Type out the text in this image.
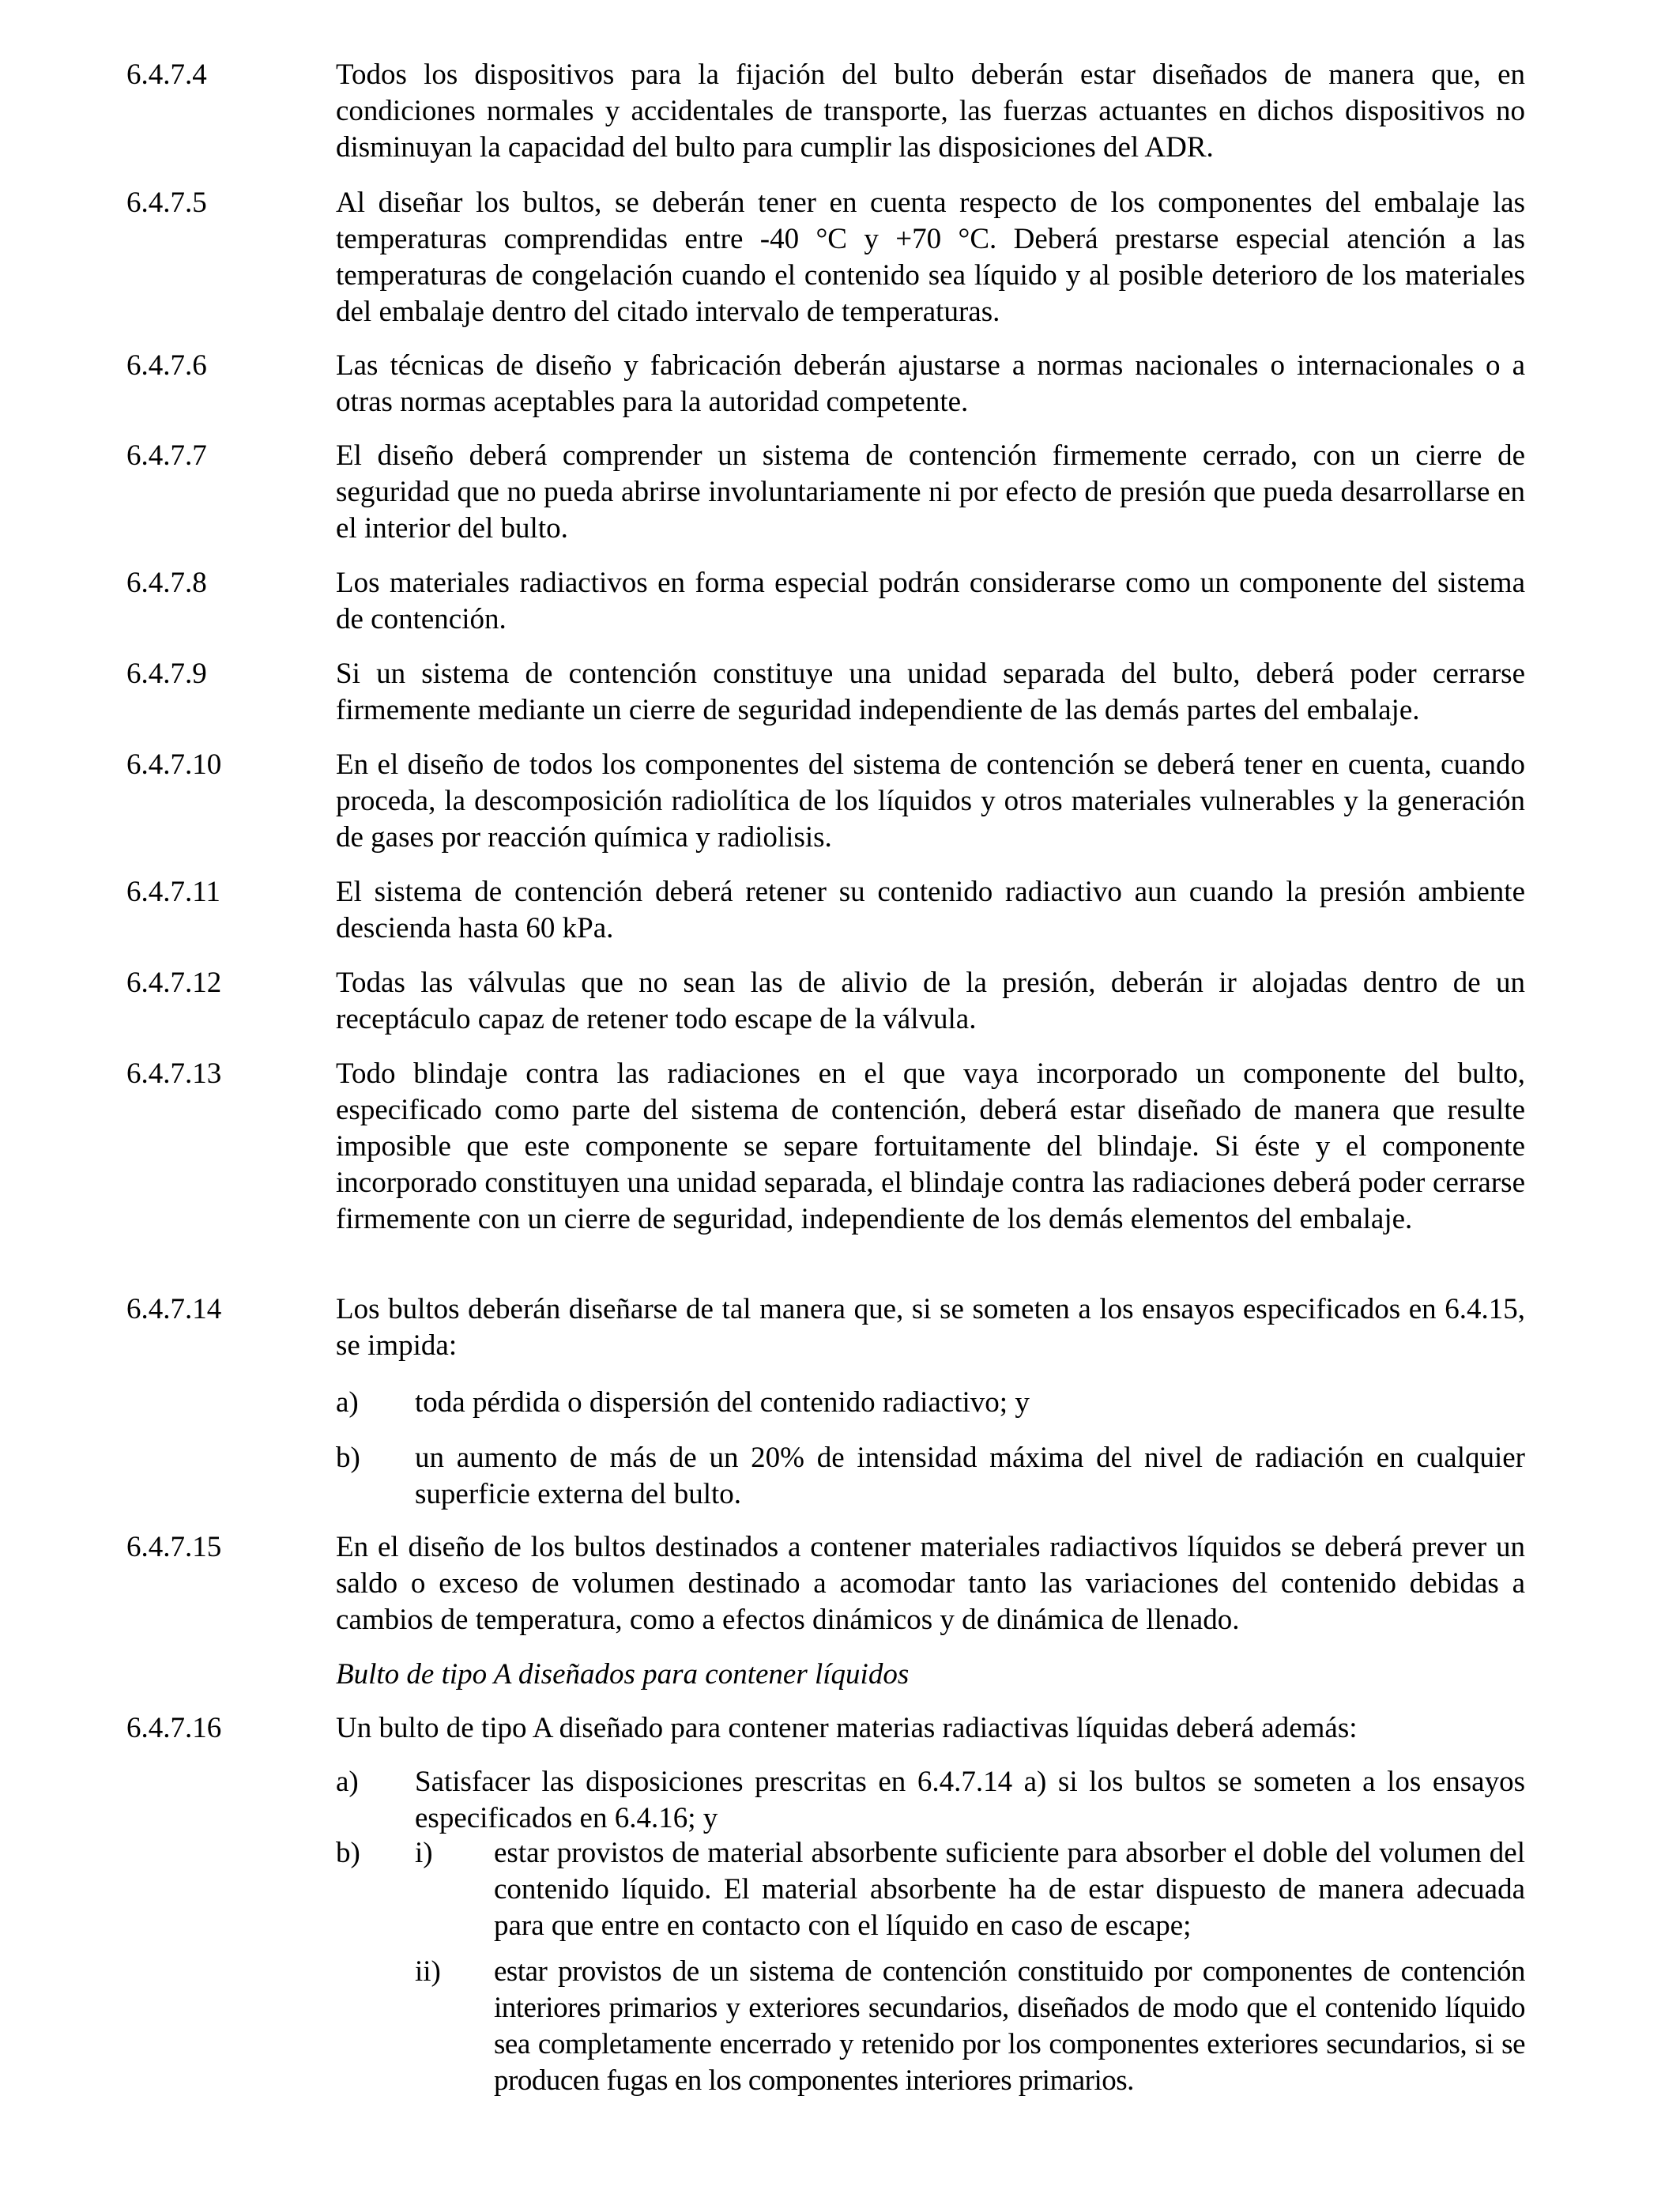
6.4.7.4	Todos los dispositivos para la fijación del bulto deberán estar diseñados de manera que, en condiciones normales y accidentales de transporte, las fuerzas actuantes en dichos dispositivos no disminuyan la capacidad del bulto para cumplir las disposiciones del ADR.
6.4.7.5	Al diseñar los bultos, se deberán tener en cuenta respecto de los componentes del embalaje las temperaturas comprendidas entre -40 °C y +70 °C. Deberá prestarse especial atención a las temperaturas de congelación cuando el contenido sea líquido y al posible deterioro de los materiales del embalaje dentro del citado intervalo de temperaturas.
6.4.7.6	Las técnicas de diseño y fabricación deberán ajustarse a normas nacionales o internacionales o a otras normas aceptables para la autoridad competente.
6.4.7.7	El diseño deberá comprender un sistema de contención firmemente cerrado, con un cierre de seguridad que no pueda abrirse involuntariamente ni por efecto de presión que pueda desarrollarse en el interior del bulto.
6.4.7.8	Los materiales radiactivos en forma especial podrán considerarse como un componente del sistema de contención.
6.4.7.9	Si un sistema de contención constituye una unidad separada del bulto, deberá poder cerrarse firmemente mediante un cierre de seguridad independiente de las demás partes del embalaje.
6.4.7.10	En el diseño de todos los componentes del sistema de contención se deberá tener en cuenta, cuando proceda, la descomposición radiolítica de los líquidos y otros materiales vulnerables y la generación de gases por reacción química y radiolisis.
6.4.7.11	El sistema de contención deberá retener su contenido radiactivo aun cuando la presión ambiente descienda hasta 60 kPa.
6.4.7.12	Todas las válvulas que no sean las de alivio de la presión, deberán ir alojadas dentro de un receptáculo capaz de retener todo escape de la válvula.
6.4.7.13	Todo blindaje contra las radiaciones en el que vaya incorporado un componente del bulto, especificado como parte del sistema de contención, deberá estar diseñado de manera que resulte imposible que este componente se separe fortuitamente del blindaje. Si éste y el componente incorporado constituyen una unidad separada, el blindaje contra las radiaciones deberá poder cerrarse firmemente con un cierre de seguridad, independiente de los demás elementos del embalaje.
6.4.7.14	Los bultos deberán diseñarse de tal manera que, si se someten a los ensayos especificados en 6.4.15, se impida:
a) toda pérdida o dispersión del contenido radiactivo; y
b) un aumento de más de un 20% de intensidad máxima del nivel de radiación en cualquier superficie externa del bulto.
6.4.7.15	En el diseño de los bultos destinados a contener materiales radiactivos líquidos se deberá prever un saldo o exceso de volumen destinado a acomodar tanto las variaciones del contenido debidas a cambios de temperatura, como a efectos dinámicos y de dinámica de llenado.
Bulto de tipo A diseñados para contener líquidos
6.4.7.16	Un bulto de tipo A diseñado para contener materias radiactivas líquidas deberá además:
a) Satisfacer las disposiciones prescritas en 6.4.7.14 a) si los bultos se someten a los ensayos especificados en 6.4.16; y
b) i) estar provistos de material absorbente suficiente para absorber el doble del volumen del contenido líquido. El material absorbente ha de estar dispuesto de manera adecuada para que entre en contacto con el líquido en caso de escape;
ii) estar provistos de un sistema de contención constituido por componentes de contención interiores primarios y exteriores secundarios, diseñados de modo que el contenido líquido sea completamente encerrado y retenido por los componentes exteriores secundarios, si se producen fugas en los componentes interiores primarios.
